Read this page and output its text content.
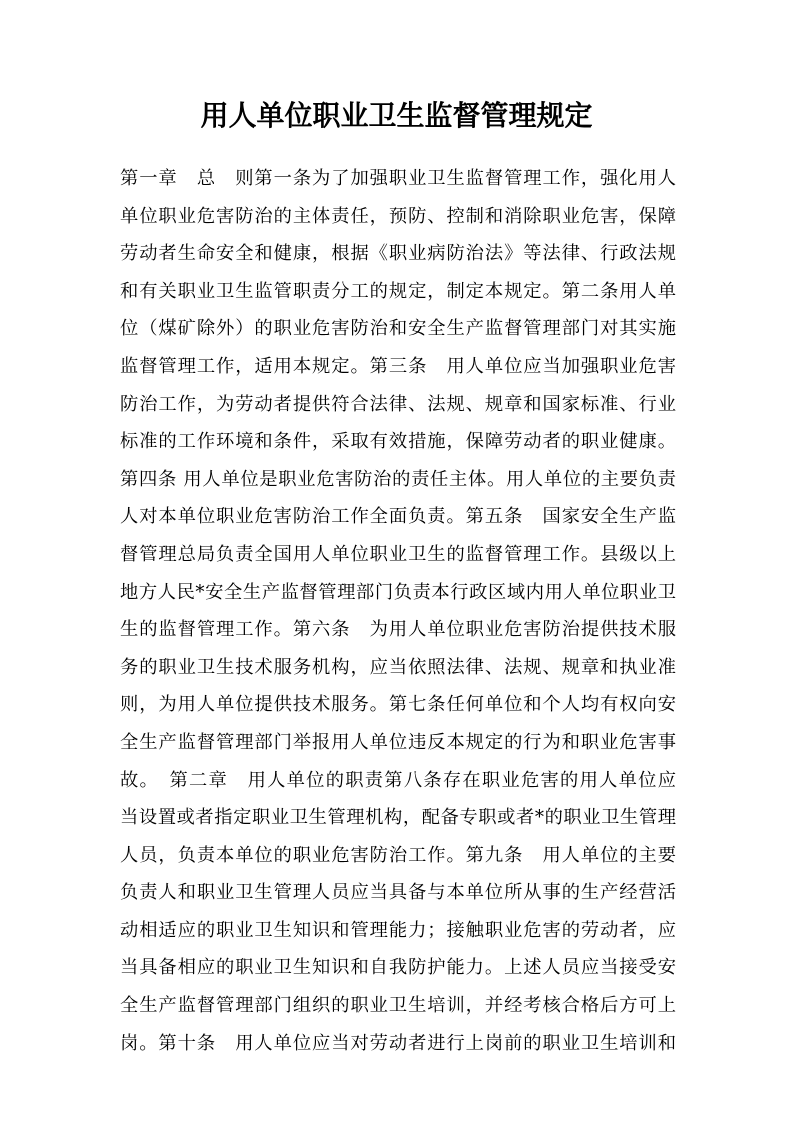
用人单位职业卫生监督管理规定
第一章　总　则第一条为了加强职业卫生监督管理工作，强化用人
单位职业危害防治的主体责任，预防、控制和消除职业危害，保障
劳动者生命安全和健康，根据《职业病防治法》等法律、行政法规
和有关职业卫生监管职责分工的规定，制定本规定。第二条用人单
位（煤矿除外）的职业危害防治和安全生产监督管理部门对其实施
监督管理工作，适用本规定。第三条　用人单位应当加强职业危害
防治工作，为劳动者提供符合法律、法规、规章和国家标准、行业
标准的工作环境和条件，采取有效措施，保障劳动者的职业健康。
第四条 用人单位是职业危害防治的责任主体。用人单位的主要负责
人对本单位职业危害防治工作全面负责。第五条　国家安全生产监
督管理总局负责全国用人单位职业卫生的监督管理工作。县级以上
地方人民*安全生产监督管理部门负责本行政区域内用人单位职业卫
生的监督管理工作。第六条　为用人单位职业危害防治提供技术服
务的职业卫生技术服务机构，应当依照法律、法规、规章和执业准
则，为用人单位提供技术服务。第七条任何单位和个人均有权向安
全生产监督管理部门举报用人单位违反本规定的行为和职业危害事
故。　第二章　用人单位的职责第八条存在职业危害的用人单位应
当设置或者指定职业卫生管理机构，配备专职或者*的职业卫生管理
人员，负责本单位的职业危害防治工作。第九条　用人单位的主要
负责人和职业卫生管理人员应当具备与本单位所从事的生产经营活
动相适应的职业卫生知识和管理能力；接触职业危害的劳动者，应
当具备相应的职业卫生知识和自我防护能力。上述人员应当接受安
全生产监督管理部门组织的职业卫生培训，并经考核合格后方可上
岗。第十条　用人单位应当对劳动者进行上岗前的职业卫生培训和
